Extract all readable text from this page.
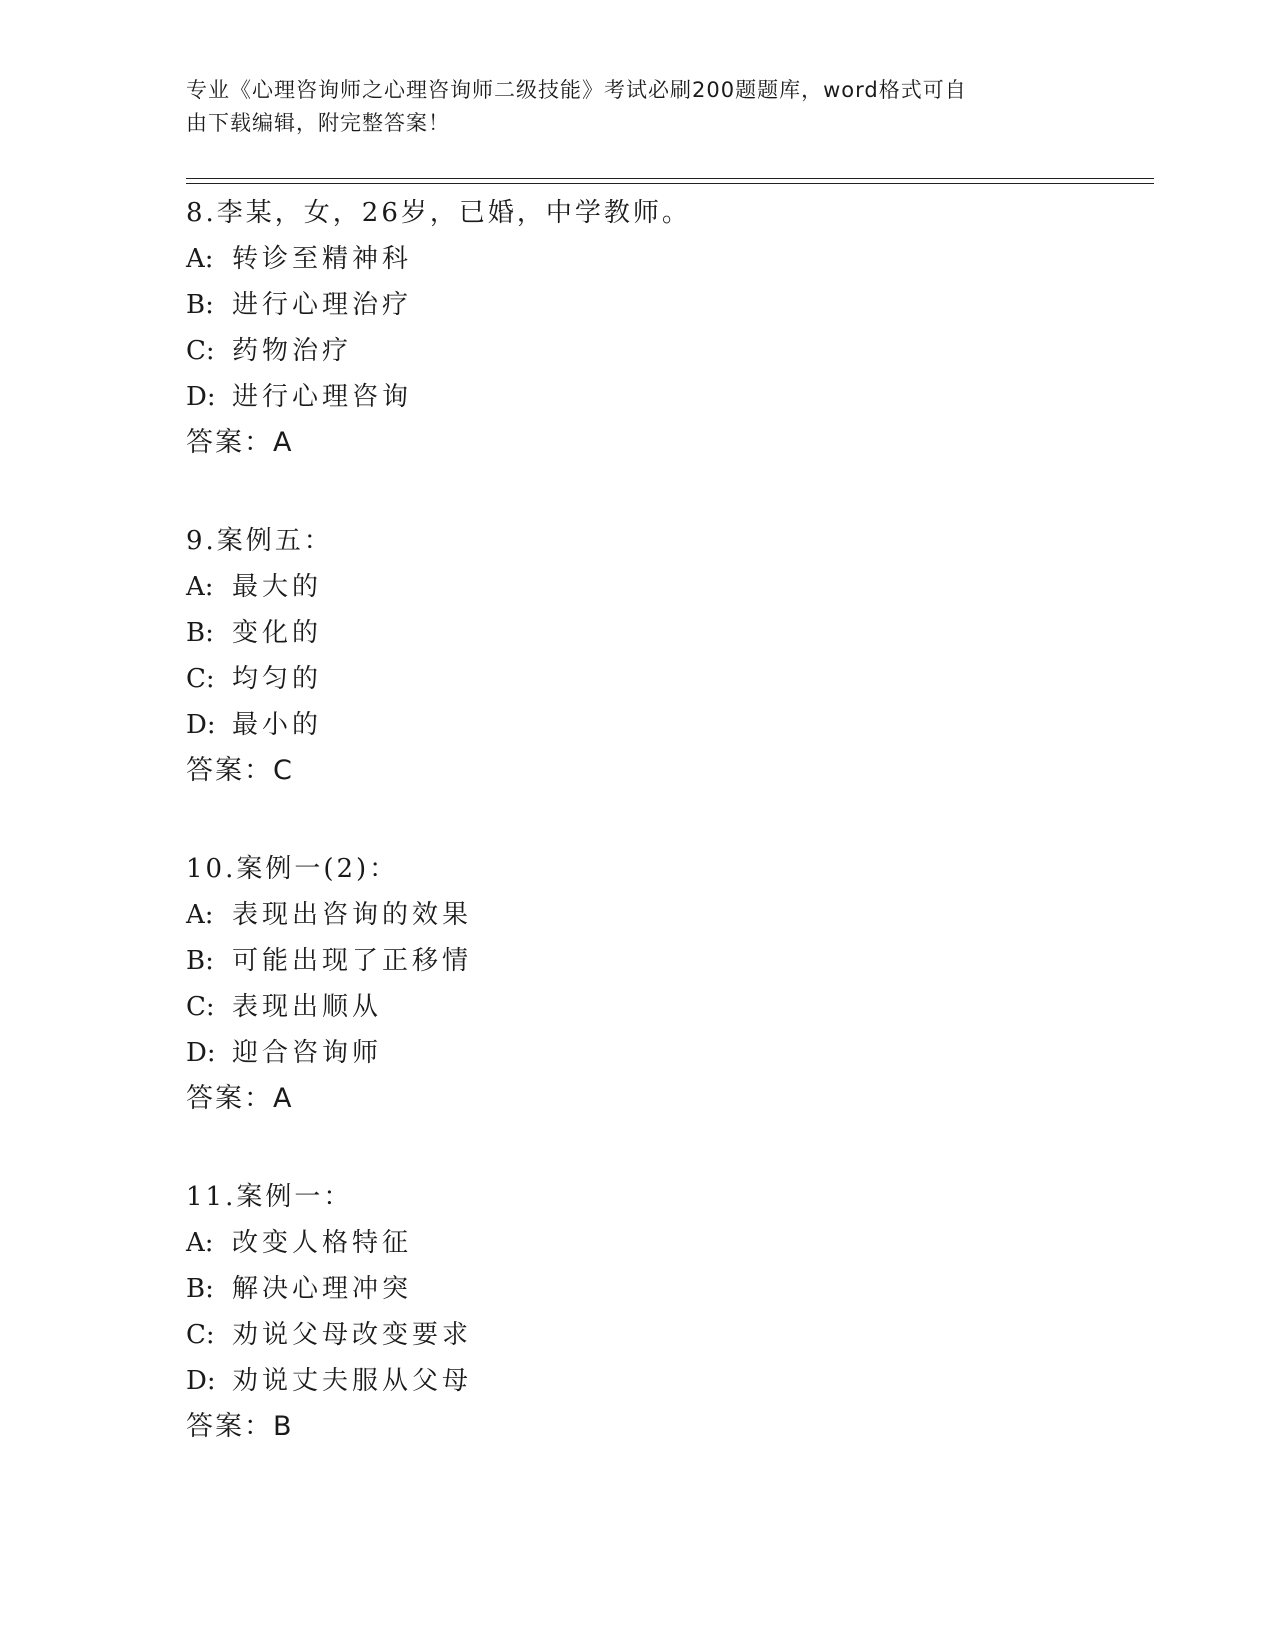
专业《心理咨询师之心理咨询师二级技能》考试必刷200题题库，word格式可自
由下载编辑，附完整答案！
8.李某，女，26岁，已婚，中学教师。
A: 转诊至精神科
B: 进行心理治疗
C: 药物治疗
D: 进行心理咨询
答案：A
9.案例五：
A: 最大的
B: 变化的
C: 均匀的
D: 最小的
答案：C
10.案例一(2)：
A: 表现出咨询的效果
B: 可能出现了正移情
C: 表现出顺从
D: 迎合咨询师
答案：A
11.案例一：
A: 改变人格特征
B: 解决心理冲突
C: 劝说父母改变要求
D: 劝说丈夫服从父母
答案：B
